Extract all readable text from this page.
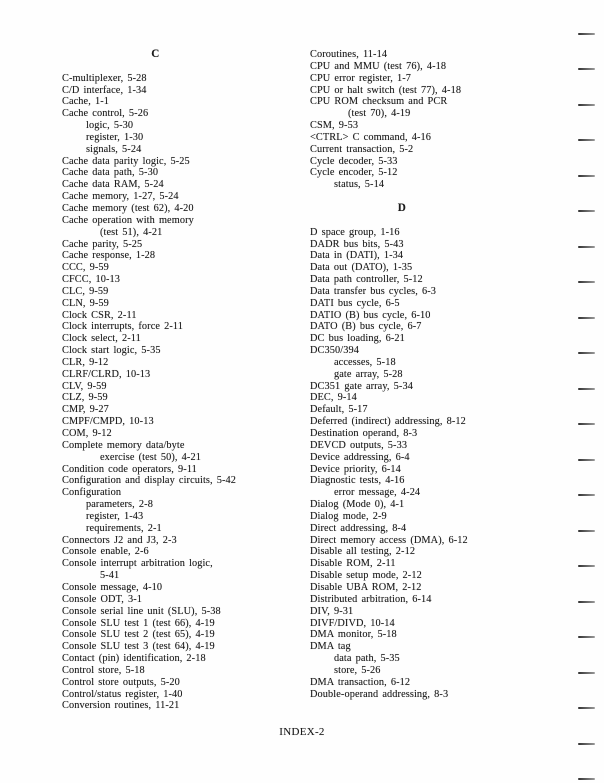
C
C-multiplexer, 5-28
C/D interface, 1-34
Cache, 1-1
Cache control, 5-26
logic, 5-30
register, 1-30
signals, 5-24
Cache data parity logic, 5-25
Cache data path, 5-30
Cache data RAM, 5-24
Cache memory, 1-27, 5-24
Cache memory (test 62), 4-20
Cache operation with memory
(test 51), 4-21
Cache parity, 5-25
Cache response, 1-28
CCC, 9-59
CFCC, 10-13
CLC, 9-59
CLN, 9-59
Clock CSR, 2-11
Clock interrupts, force 2-11
Clock select, 2-11
Clock start logic, 5-35
CLR, 9-12
CLRF/CLRD, 10-13
CLV, 9-59
CLZ, 9-59
CMP, 9-27
CMPF/CMPD, 10-13
COM, 9-12
Complete memory data/byte
exercise (test 50), 4-21
Condition code operators, 9-11
Configuration and display circuits, 5-42
Configuration
parameters, 2-8
register, 1-43
requirements, 2-1
Connectors J2 and J3, 2-3
Console enable, 2-6
Console interrupt arbitration logic,
5-41
Console message, 4-10
Console ODT, 3-1
Console serial line unit (SLU), 5-38
Console SLU test 1 (test 66), 4-19
Console SLU test 2 (test 65), 4-19
Console SLU test 3 (test 64), 4-19
Contact (pin) identification, 2-18
Control store, 5-18
Control store outputs, 5-20
Control/status register, 1-40
Conversion routines, 11-21
Coroutines, 11-14
CPU and MMU (test 76), 4-18
CPU error register, 1-7
CPU or halt switch (test 77), 4-18
CPU ROM checksum and PCR
(test 70), 4-19
CSM, 9-53
<CTRL> C command, 4-16
Current transaction, 5-2
Cycle decoder, 5-33
Cycle encoder, 5-12
status, 5-14
D
D space group, 1-16
DADR bus bits, 5-43
Data in (DATI), 1-34
Data out (DATO), 1-35
Data path controller, 5-12
Data transfer bus cycles, 6-3
DATI bus cycle, 6-5
DATIO (B) bus cycle, 6-10
DATO (B) bus cycle, 6-7
DC bus loading, 6-21
DC350/394
accesses, 5-18
gate array, 5-28
DC351 gate array, 5-34
DEC, 9-14
Default, 5-17
Deferred (indirect) addressing, 8-12
Destination operand, 8-3
DEVCD outputs, 5-33
Device addressing, 6-4
Device priority, 6-14
Diagnostic tests, 4-16
error message, 4-24
Dialog (Mode 0), 4-1
Dialog mode, 2-9
Direct addressing, 8-4
Direct memory access (DMA), 6-12
Disable all testing, 2-12
Disable ROM, 2-11
Disable setup mode, 2-12
Disable UBA ROM, 2-12
Distributed arbitration, 6-14
DIV, 9-31
DIVF/DIVD, 10-14
DMA monitor, 5-18
DMA tag
data path, 5-35
store, 5-26
DMA transaction, 6-12
Double-operand addressing, 8-3
INDEX-2
